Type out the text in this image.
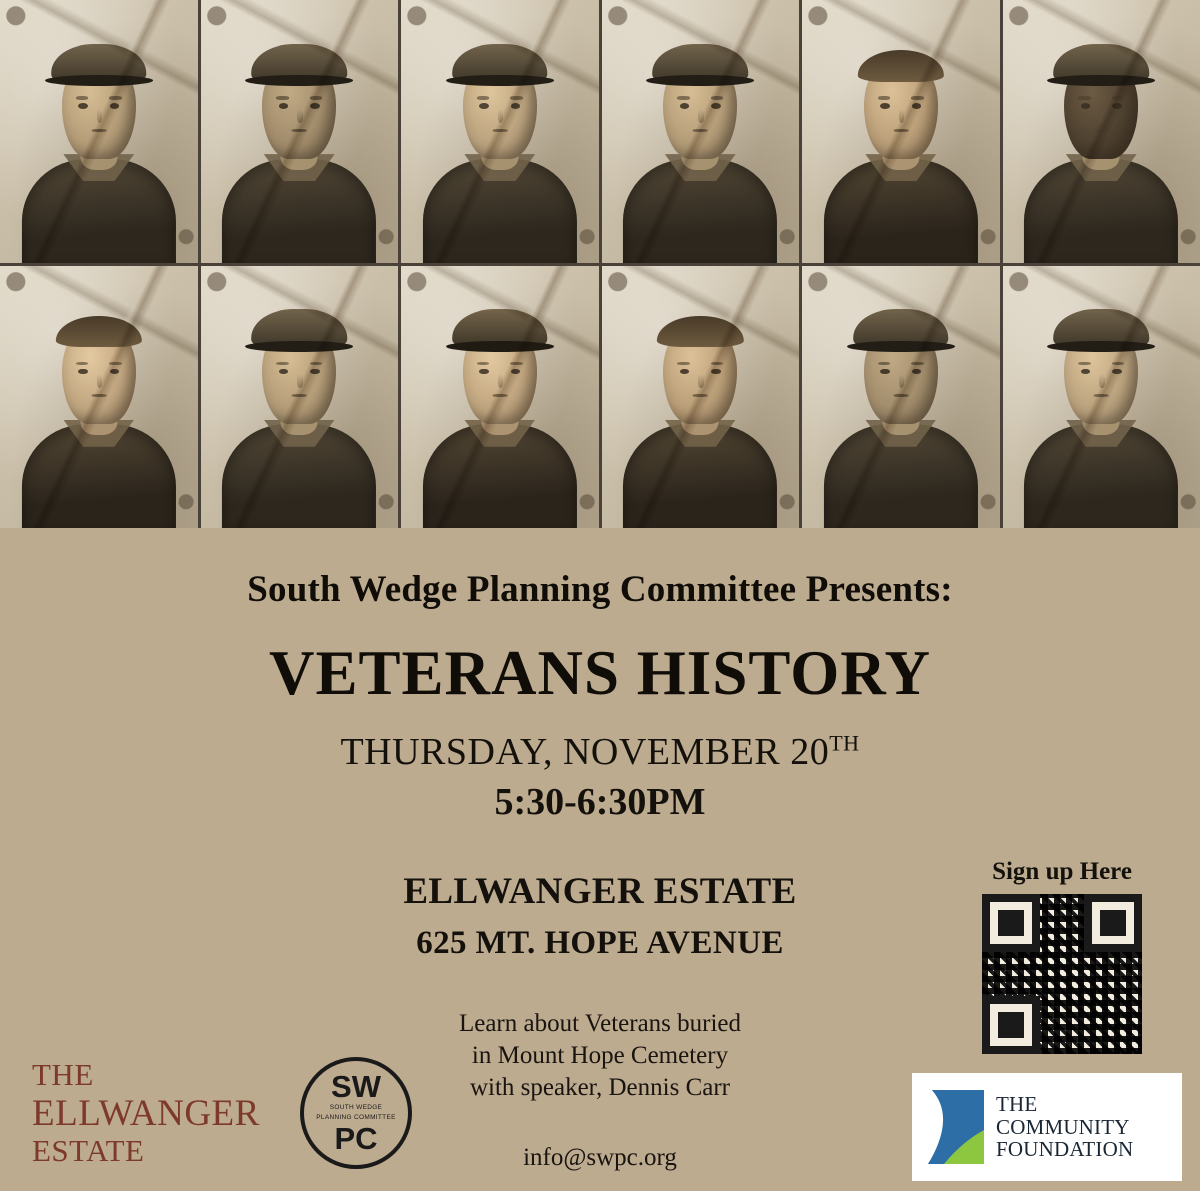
South Wedge Planning Committee Presents:
VETERANS HISTORY
THURSDAY, NOVEMBER 20TH
5:30-6:30PM
ELLWANGER ESTATE
625 MT. HOPE AVENUE
Learn about Veterans buried
in Mount Hope Cemetery
with speaker, Dennis Carr
info@swpc.org
Sign up Here
THE
ELLWANGER
ESTATE
SW
SOUTH WEDGE
PLANNING COMMITTEE
PC
THE
COMMUNITY
FOUNDATION
